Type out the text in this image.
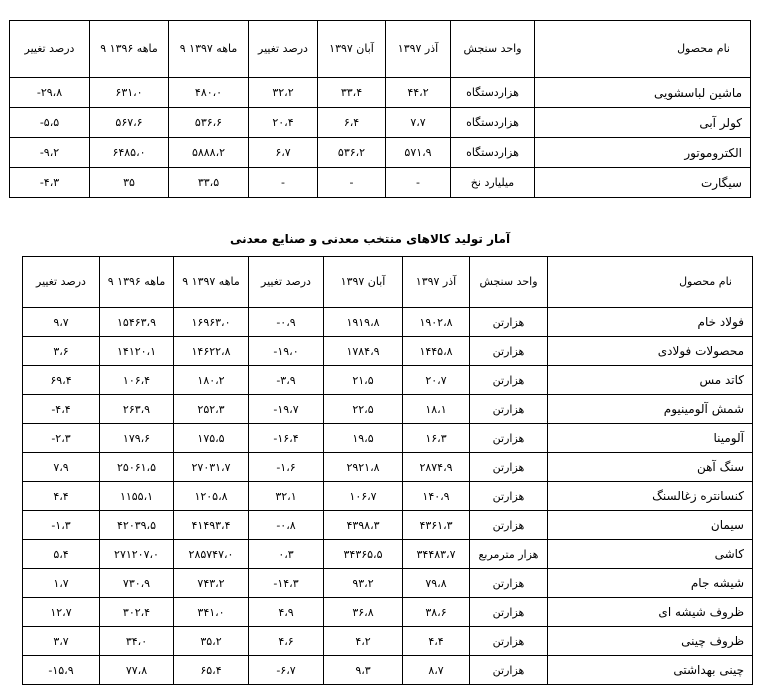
درصد تغییر	۹ ماهه ۱۳۹۶	۹ ماهه ۱۳۹۷	درصد تغییر	آبان ۱۳۹۷	آذر ۱۳۹۷	واحد سنجش	نام محصول
-۲۹،۸	۶۳۱،۰	۴۸۰،۰	۳۲،۲	۳۳،۴	۴۴،۲	هزاردستگاه	ماشین لباسشویی
-۵،۵	۵۶۷،۶	۵۳۶،۶	۲۰،۴	۶،۴	۷،۷	هزاردستگاه	کولر آبی
-۹،۲	۶۴۸۵،۰	۵۸۸۸،۲	۶،۷	۵۳۶،۲	۵۷۱،۹	هزاردستگاه	الکتروموتور
-۴،۳	۳۵	۳۳،۵	-	-	-	میلیارد نخ	سیگارت
آمار تولید کالاهای منتخب معدنی و صنایع معدنی
درصد تغییر	۹ ماهه ۱۳۹۶	۹ ماهه ۱۳۹۷	درصد تغییر	آبان ۱۳۹۷	آذر ۱۳۹۷	واحد سنجش	نام محصول
۹،۷	۱۵۴۶۳،۹	۱۶۹۶۳،۰	-۰،۹	۱۹۱۹،۸	۱۹۰۲،۸	هزارتن	فولاد خام
۳،۶	۱۴۱۲۰،۱	۱۴۶۲۲،۸	-۱۹،۰	۱۷۸۴،۹	۱۴۴۵،۸	هزارتن	محصولات فولادی
۶۹،۴	۱۰۶،۴	۱۸۰،۲	-۳،۹	۲۱،۵	۲۰،۷	هزارتن	کاتد مس
-۴،۴	۲۶۳،۹	۲۵۲،۳	-۱۹،۷	۲۲،۵	۱۸،۱	هزارتن	شمش آلومینیوم
-۲،۳	۱۷۹،۶	۱۷۵،۵	-۱۶،۴	۱۹،۵	۱۶،۳	هزارتن	آلومینا
۷،۹	۲۵۰۶۱،۵	۲۷۰۳۱،۷	-۱،۶	۲۹۲۱،۸	۲۸۷۴،۹	هزارتن	سنگ آهن
۴،۴	۱۱۵۵،۱	۱۲۰۵،۸	۳۲،۱	۱۰۶،۷	۱۴۰،۹	هزارتن	کنسانتره زغالسنگ
-۱،۳	۴۲۰۳۹،۵	۴۱۴۹۳،۴	-۰،۸	۴۳۹۸،۳	۴۳۶۱،۳	هزارتن	سیمان
۵،۴	۲۷۱۲۰۷،۰	۲۸۵۷۴۷،۰	۰،۳	۳۴۳۶۵،۵	۳۴۴۸۳،۷	هزار مترمربع	کاشی
۱،۷	۷۳۰،۹	۷۴۳،۲	-۱۴،۳	۹۳،۲	۷۹،۸	هزارتن	شیشه جام
۱۲،۷	۳۰۲،۴	۳۴۱،۰	۴،۹	۳۶،۸	۳۸،۶	هزارتن	ظروف شیشه ای
۳،۷	۳۴،۰	۳۵،۲	۴،۶	۴،۲	۴،۴	هزارتن	ظروف چینی
-۱۵،۹	۷۷،۸	۶۵،۴	-۶،۷	۹،۳	۸،۷	هزارتن	چینی بهداشتی
